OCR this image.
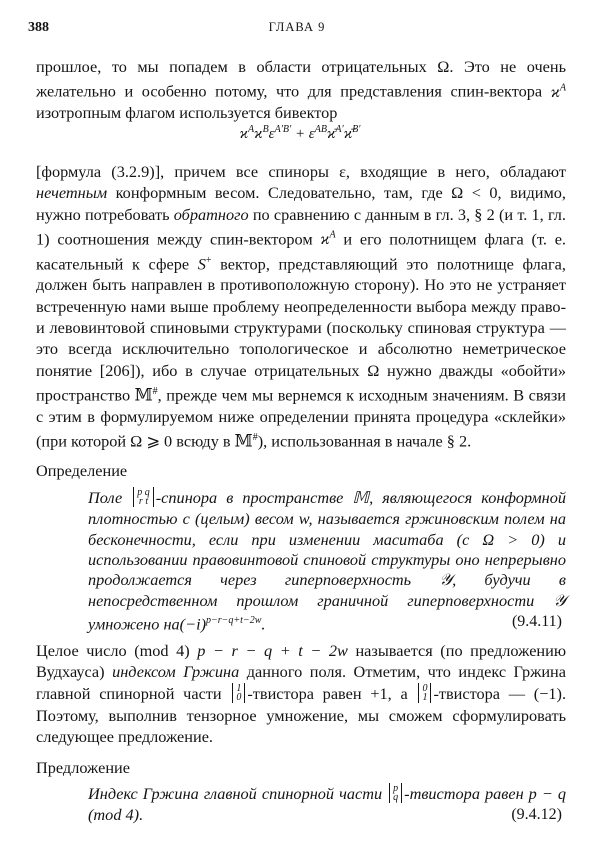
388	ГЛАВА 9

прошлое, то мы попадем в области отрицательных Ω. Это не очень желательно и особенно потому, что для представления спин-вектора $ϰ^A$ изотропным флагом используется бивектор

$ϰ^Aϰ^B\varepsilon^{A'B'}$ + $\varepsilon^{AB}ϰ̄^{A'}ϰ̄^{B'}$

[формула (3.2.9)], причем все спиноры ε, входящие в него, обладают нечетным конформным весом. Следовательно, там, где Ω < 0, видимо, нужно потребовать обратного по сравнению с данным в гл. 3, § 2 (и т. 1, гл. 1) соотношения между спин-вектором $ϰ^A$ и его полотнищем флага (т. е. касательный к сфере S+ вектор, представляющий это полотнище флага, должен быть направлен в противоположную сторону). Но это не устраняет встреченную нами выше проблему неопределенности выбора между право- и левовинтовой спиновыми структурами (поскольку спиновая структура — это всегда исключительно топологическое и абсолютно неметрическое понятие [206]), ибо в случае отрицательных Ω нужно дважды «обойти» пространство 𝕄#, прежде чем мы вернемся к исходным значениям. В связи с этим в формулируемом ниже определении принята процедура «склейки» (при которой Ω ⩾ 0 всюду в 𝕄#), использованная в начале § 2.

Определение

Поле p q
r t -спинора в пространстве 𝕄, являющегося конформной плотностью c (целым) весом w, называется гржиновским полем на бесконечности, если при изменении маситаба (с Ω > 0) и использовании правовинтовой спиновой структуры оно непрерывно продолжается через гиперповерхность 𝒴, будучи в непосредственном прошлом граничной гиперповерхности 𝒴 умножено $на(-i)^{p-r-q+t-2w}$.	(9.4.11)

Целое число (mod 4) p − r − q + t − 2w называется (по предложению Вудхауса) индексом Гржина данного поля. Отметим, что индекс Гржина главной спинорной части 1
0 -твистора равен +1, а 0
1 -твистора — (−1). Поэтому, выполнив тензорное умножение, мы сможем сформулировать следующее предложение.

Предложение

Индекс Гржина главной спинорной части p
q -твистора равен p − q (mod 4).	(9.4.12)
